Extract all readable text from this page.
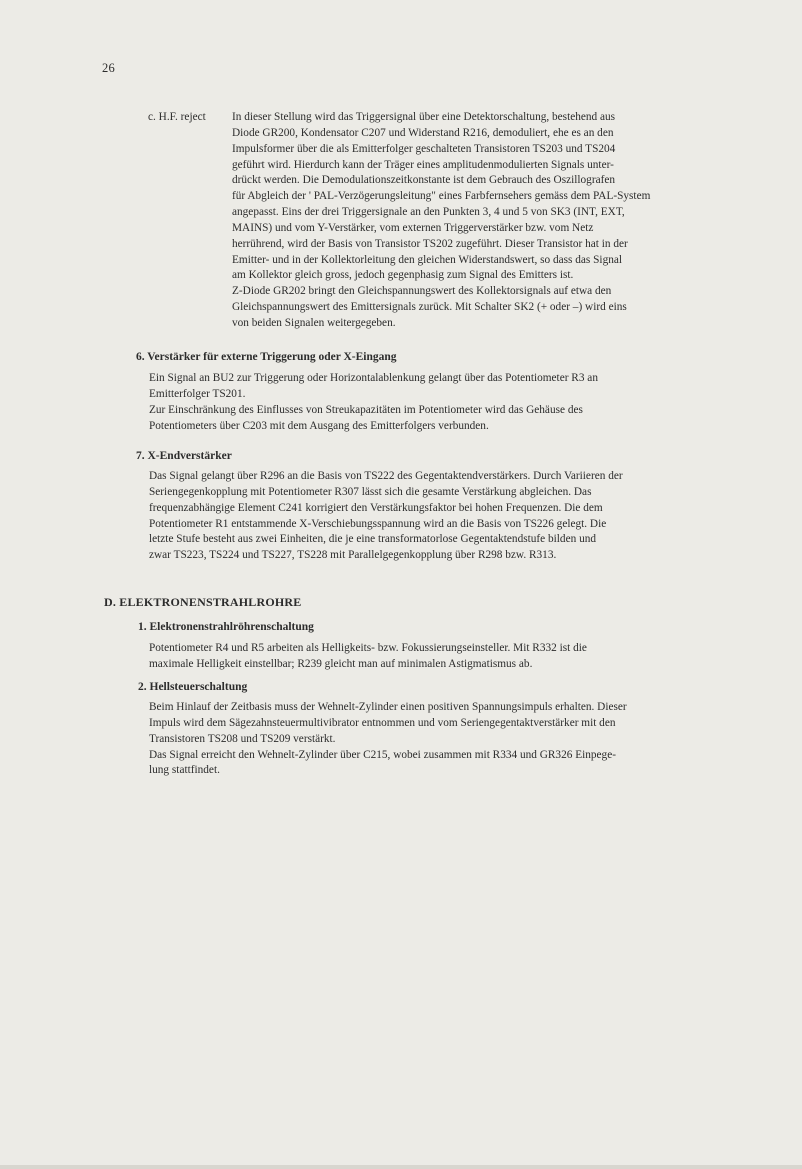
26
c. H.F. reject In dieser Stellung wird das Triggersignal über eine Detektorschaltung, bestehend aus
Diode GR200, Kondensator C207 und Widerstand R216, demoduliert, ehe es an den
Impulsformer über die als Emitterfolger geschalteten Transistoren TS203 und TS204
geführt wird. Hierdurch kann der Träger eines amplitudenmodulierten Signals unter-
drückt werden. Die Demodulationszeitkonstante ist dem Gebrauch des Oszillografen
für Abgleich der ' PAL-Verzögerungsleitung" eines Farbfernsehers gemäss dem PAL-System
angepasst. Eins der drei Triggersignale an den Punkten 3, 4 und 5 von SK3 (INT, EXT,
MAINS) und vom Y-Verstärker, vom externen Triggerverstärker bzw. vom Netz
herrührend, wird der Basis von Transistor TS202 zugeführt. Dieser Transistor hat in der
Emitter- und in der Kollektorleitung den gleichen Widerstandswert, so dass das Signal
am Kollektor gleich gross, jedoch gegenphasig zum Signal des Emitters ist.
Z-Diode GR202 bringt den Gleichspannungswert des Kollektorsignals auf etwa den
Gleichspannungswert des Emittersignals zurück. Mit Schalter SK2 (+ oder –) wird eins
von beiden Signalen weitergegeben.
6. Verstärker für externe Triggerung oder X-Eingang
Ein Signal an BU2 zur Triggerung oder Horizontalablenkung gelangt über das Potentiometer R3 an
Emitterfolger TS201.
Zur Einschränkung des Einflusses von Streukapazitäten im Potentiometer wird das Gehäuse des
Potentiometers über C203 mit dem Ausgang des Emitterfolgers verbunden.
7. X-Endverstärker
Das Signal gelangt über R296 an die Basis von TS222 des Gegentaktendverstärkers. Durch Variieren der
Seriengegenkopplung mit Potentiometer R307 lässt sich die gesamte Verstärkung abgleichen. Das
frequenzabhängige Element C241 korrigiert den Verstärkungsfaktor bei hohen Frequenzen. Die dem
Potentiometer R1 entstammende X-Verschiebungsspannung wird an die Basis von TS226 gelegt. Die
letzte Stufe besteht aus zwei Einheiten, die je eine transformatorlose Gegentaktendstufe bilden und
zwar TS223, TS224 und TS227, TS228 mit Parallelgegenkopplung über R298 bzw. R313.
D. ELEKTRONENSTRAHLROHRE
1. Elektronenstrahlröhrenschaltung
Potentiometer R4 und R5 arbeiten als Helligkeits- bzw. Fokussierungseinsteller. Mit R332 ist die
maximale Helligkeit einstellbar; R239 gleicht man auf minimalen Astigmatismus ab.
2. Hellsteuerschaltung
Beim Hinlauf der Zeitbasis muss der Wehnelt-Zylinder einen positiven Spannungsimpuls erhalten. Dieser
Impuls wird dem Sägezahnsteuermultivibrator entnommen und vom Seriengegentaktverstärker mit den
Transistoren TS208 und TS209 verstärkt.
Das Signal erreicht den Wehnelt-Zylinder über C215, wobei zusammen mit R334 und GR326 Einpege-
lung stattfindet.
